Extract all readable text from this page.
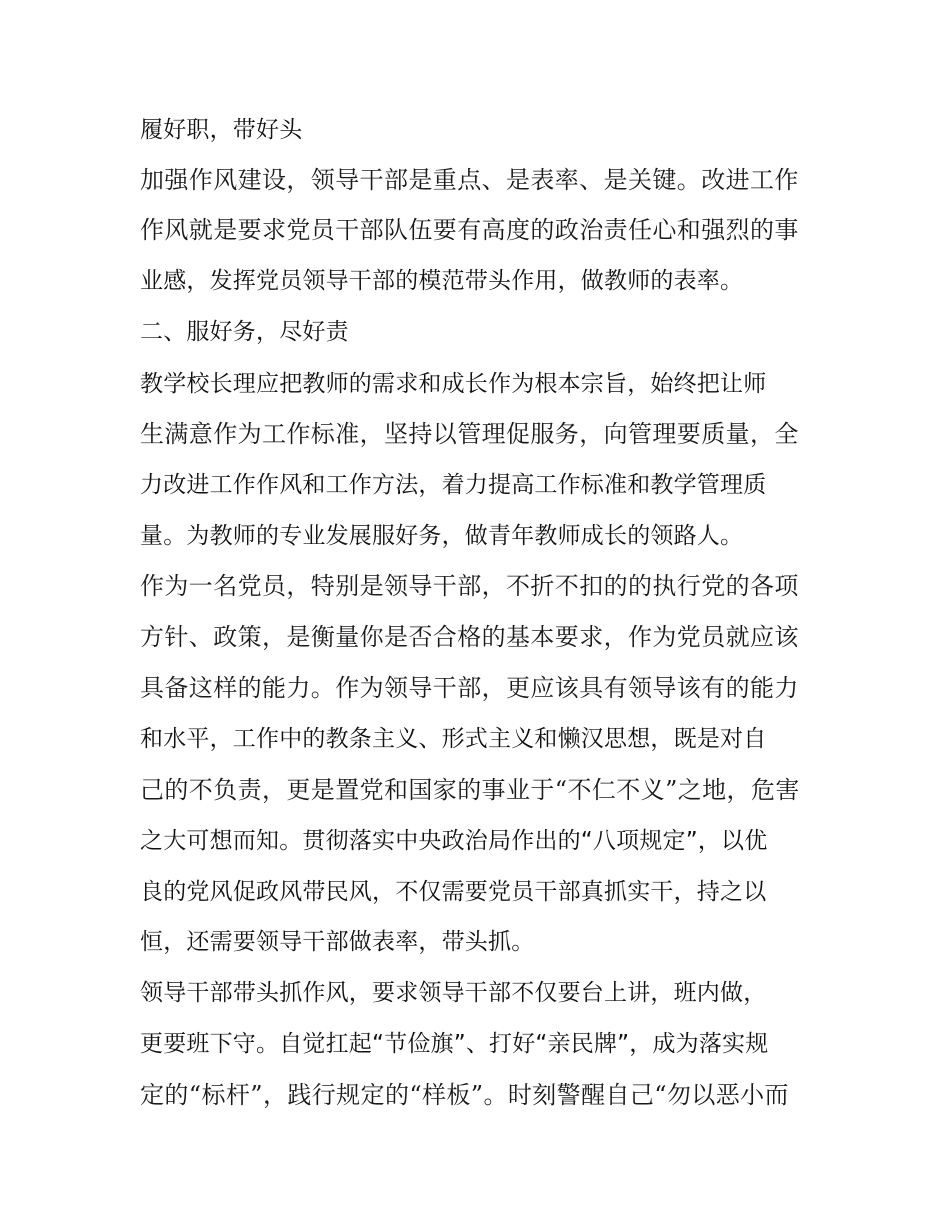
履好职，带好头
加强作风建设，领导干部是重点、是表率、是关键。改进工作
作风就是要求党员干部队伍要有高度的政治责任心和强烈的事
业感，发挥党员领导干部的模范带头作用，做教师的表率。
二、服好务，尽好责
教学校长理应把教师的需求和成长作为根本宗旨，始终把让师
生满意作为工作标准，坚持以管理促服务，向管理要质量，全
力改进工作作风和工作方法，着力提高工作标准和教学管理质
量。为教师的专业发展服好务，做青年教师成长的领路人。
作为一名党员，特别是领导干部，不折不扣的的执行党的各项
方针、政策，是衡量你是否合格的基本要求，作为党员就应该
具备这样的能力。作为领导干部，更应该具有领导该有的能力
和水平，工作中的教条主义、形式主义和懒汉思想，既是对自
己的不负责，更是置党和国家的事业于“不仁不义”之地，危害
之大可想而知。贯彻落实中央政治局作出的“八项规定”，以优
良的党风促政风带民风，不仅需要党员干部真抓实干，持之以
恒，还需要领导干部做表率，带头抓。
领导干部带头抓作风，要求领导干部不仅要台上讲，班内做，
更要班下守。自觉扛起“节俭旗”、打好“亲民牌”，成为落实规
定的“标杆”，践行规定的“样板”。时刻警醒自己“勿以恶小而
